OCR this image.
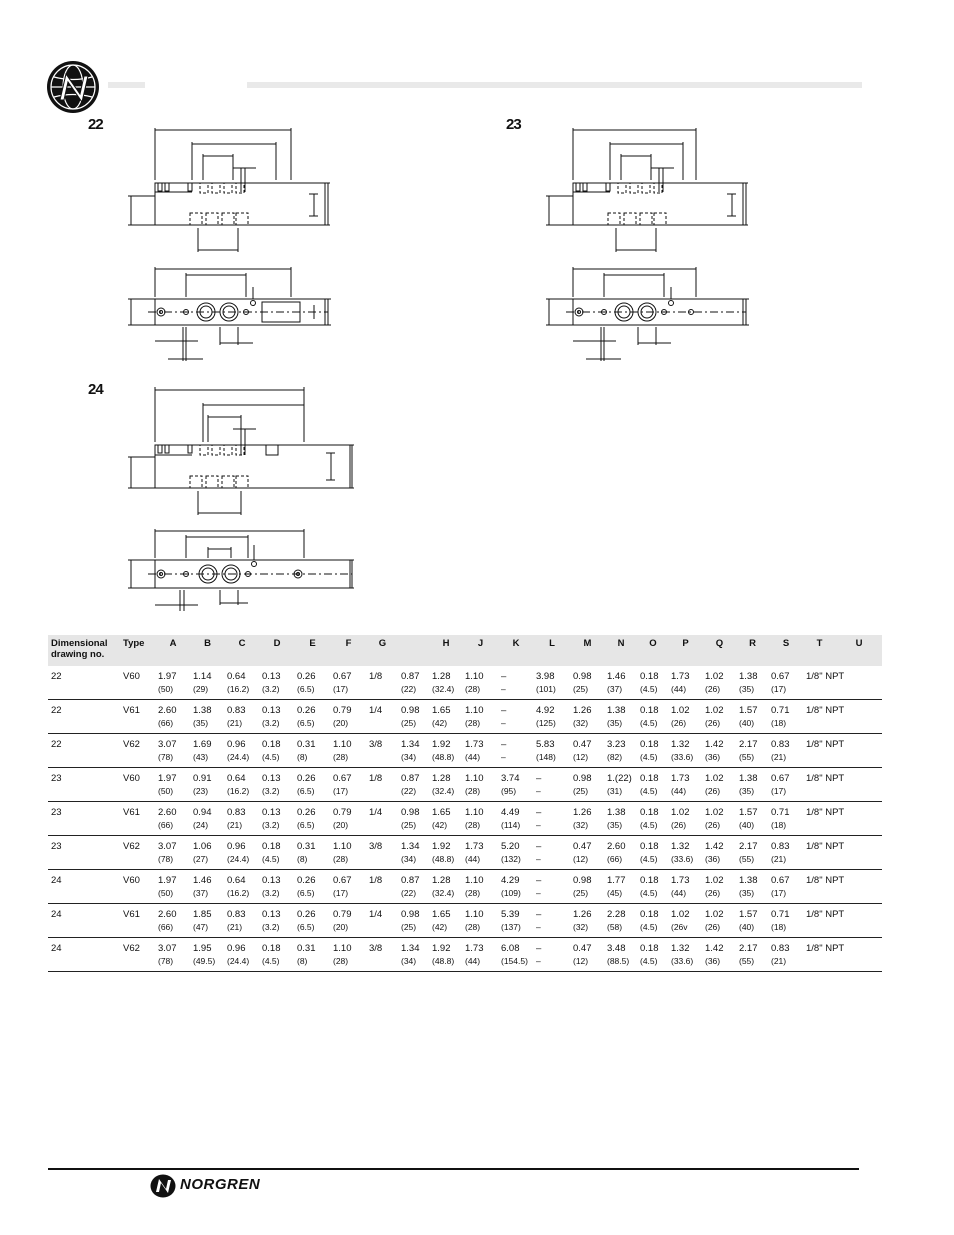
22	23
24
Dimensional drawing no.	Type	A	B	C	D	E	F	G		H	J	K	L	M	N	O	P	Q	R	S	T	U
22	V60	1.97	1.14	0.64	0.13	0.26	0.67	1/8	0.87	1.28	1.10	–	3.98	0.98	1.46	0.18	1.73	1.02	1.38	0.67	1/8" NPT	
		(50)	(29)	(16.2)	(3.2)	(6.5)	(17)		(22)	(32.4)	(28)	–	(101)	(25)	(37)	(4.5)	(44)	(26)	(35)	(17)		
22	V61	2.60	1.38	0.83	0.13	0.26	0.79	1/4	0.98	1.65	1.10	–	4.92	1.26	1.38	0.18	1.02	1.02	1.57	0.71	1/8" NPT	
		(66)	(35)	(21)	(3.2)	(6.5)	(20)		(25)	(42)	(28)	–	(125)	(32)	(35)	(4.5)	(26)	(26)	(40)	(18)		
22	V62	3.07	1.69	0.96	0.18	0.31	1.10	3/8	1.34	1.92	1.73	–	5.83	0.47	3.23	0.18	1.32	1.42	2.17	0.83	1/8" NPT	
		(78)	(43)	(24.4)	(4.5)	(8)	(28)		(34)	(48.8)	(44)	–	(148)	(12)	(82)	(4.5)	(33.6)	(36)	(55)	(21)		
23	V60	1.97	0.91	0.64	0.13	0.26	0.67	1/8	0.87	1.28	1.10	3.74	–	0.98	1.(22)	0.18	1.73	1.02	1.38	0.67	1/8" NPT	
		(50)	(23)	(16.2)	(3.2)	(6.5)	(17)		(22)	(32.4)	(28)	(95)	–	(25)	(31)	(4.5)	(44)	(26)	(35)	(17)		
23	V61	2.60	0.94	0.83	0.13	0.26	0.79	1/4	0.98	1.65	1.10	4.49	–	1.26	1.38	0.18	1.02	1.02	1.57	0.71	1/8" NPT	
		(66)	(24)	(21)	(3.2)	(6.5)	(20)		(25)	(42)	(28)	(114)	–	(32)	(35)	(4.5)	(26)	(26)	(40)	(18)		
23	V62	3.07	1.06	0.96	0.18	0.31	1.10	3/8	1.34	1.92	1.73	5.20	–	0.47	2.60	0.18	1.32	1.42	2.17	0.83	1/8" NPT	
		(78)	(27)	(24.4)	(4.5)	(8)	(28)		(34)	(48.8)	(44)	(132)	–	(12)	(66)	(4.5)	(33.6)	(36)	(55)	(21)		
24	V60	1.97	1.46	0.64	0.13	0.26	0.67	1/8	0.87	1.28	1.10	4.29	–	0.98	1.77	0.18	1.73	1.02	1.38	0.67	1/8" NPT	
		(50)	(37)	(16.2)	(3.2)	(6.5)	(17)		(22)	(32.4)	(28)	(109)	–	(25)	(45)	(4.5)	(44)	(26)	(35)	(17)		
24	V61	2.60	1.85	0.83	0.13	0.26	0.79	1/4	0.98	1.65	1.10	5.39	–	1.26	2.28	0.18	1.02	1.02	1.57	0.71	1/8" NPT	
		(66)	(47)	(21)	(3.2)	(6.5)	(20)		(25)	(42)	(28)	(137)	–	(32)	(58)	(4.5)	(26v	(26)	(40)	(18)		
24	V62	3.07	1.95	0.96	0.18	0.31	1.10	3/8	1.34	1.92	1.73	6.08	–	0.47	3.48	0.18	1.32	1.42	2.17	0.83	1/8" NPT	
		(78)	(49.5)	(24.4)	(4.5)	(8)	(28)		(34)	(48.8)	(44)	(154.5)	–	(12)	(88.5)	(4.5)	(33.6)	(36)	(55)	(21)		
NORGREN
